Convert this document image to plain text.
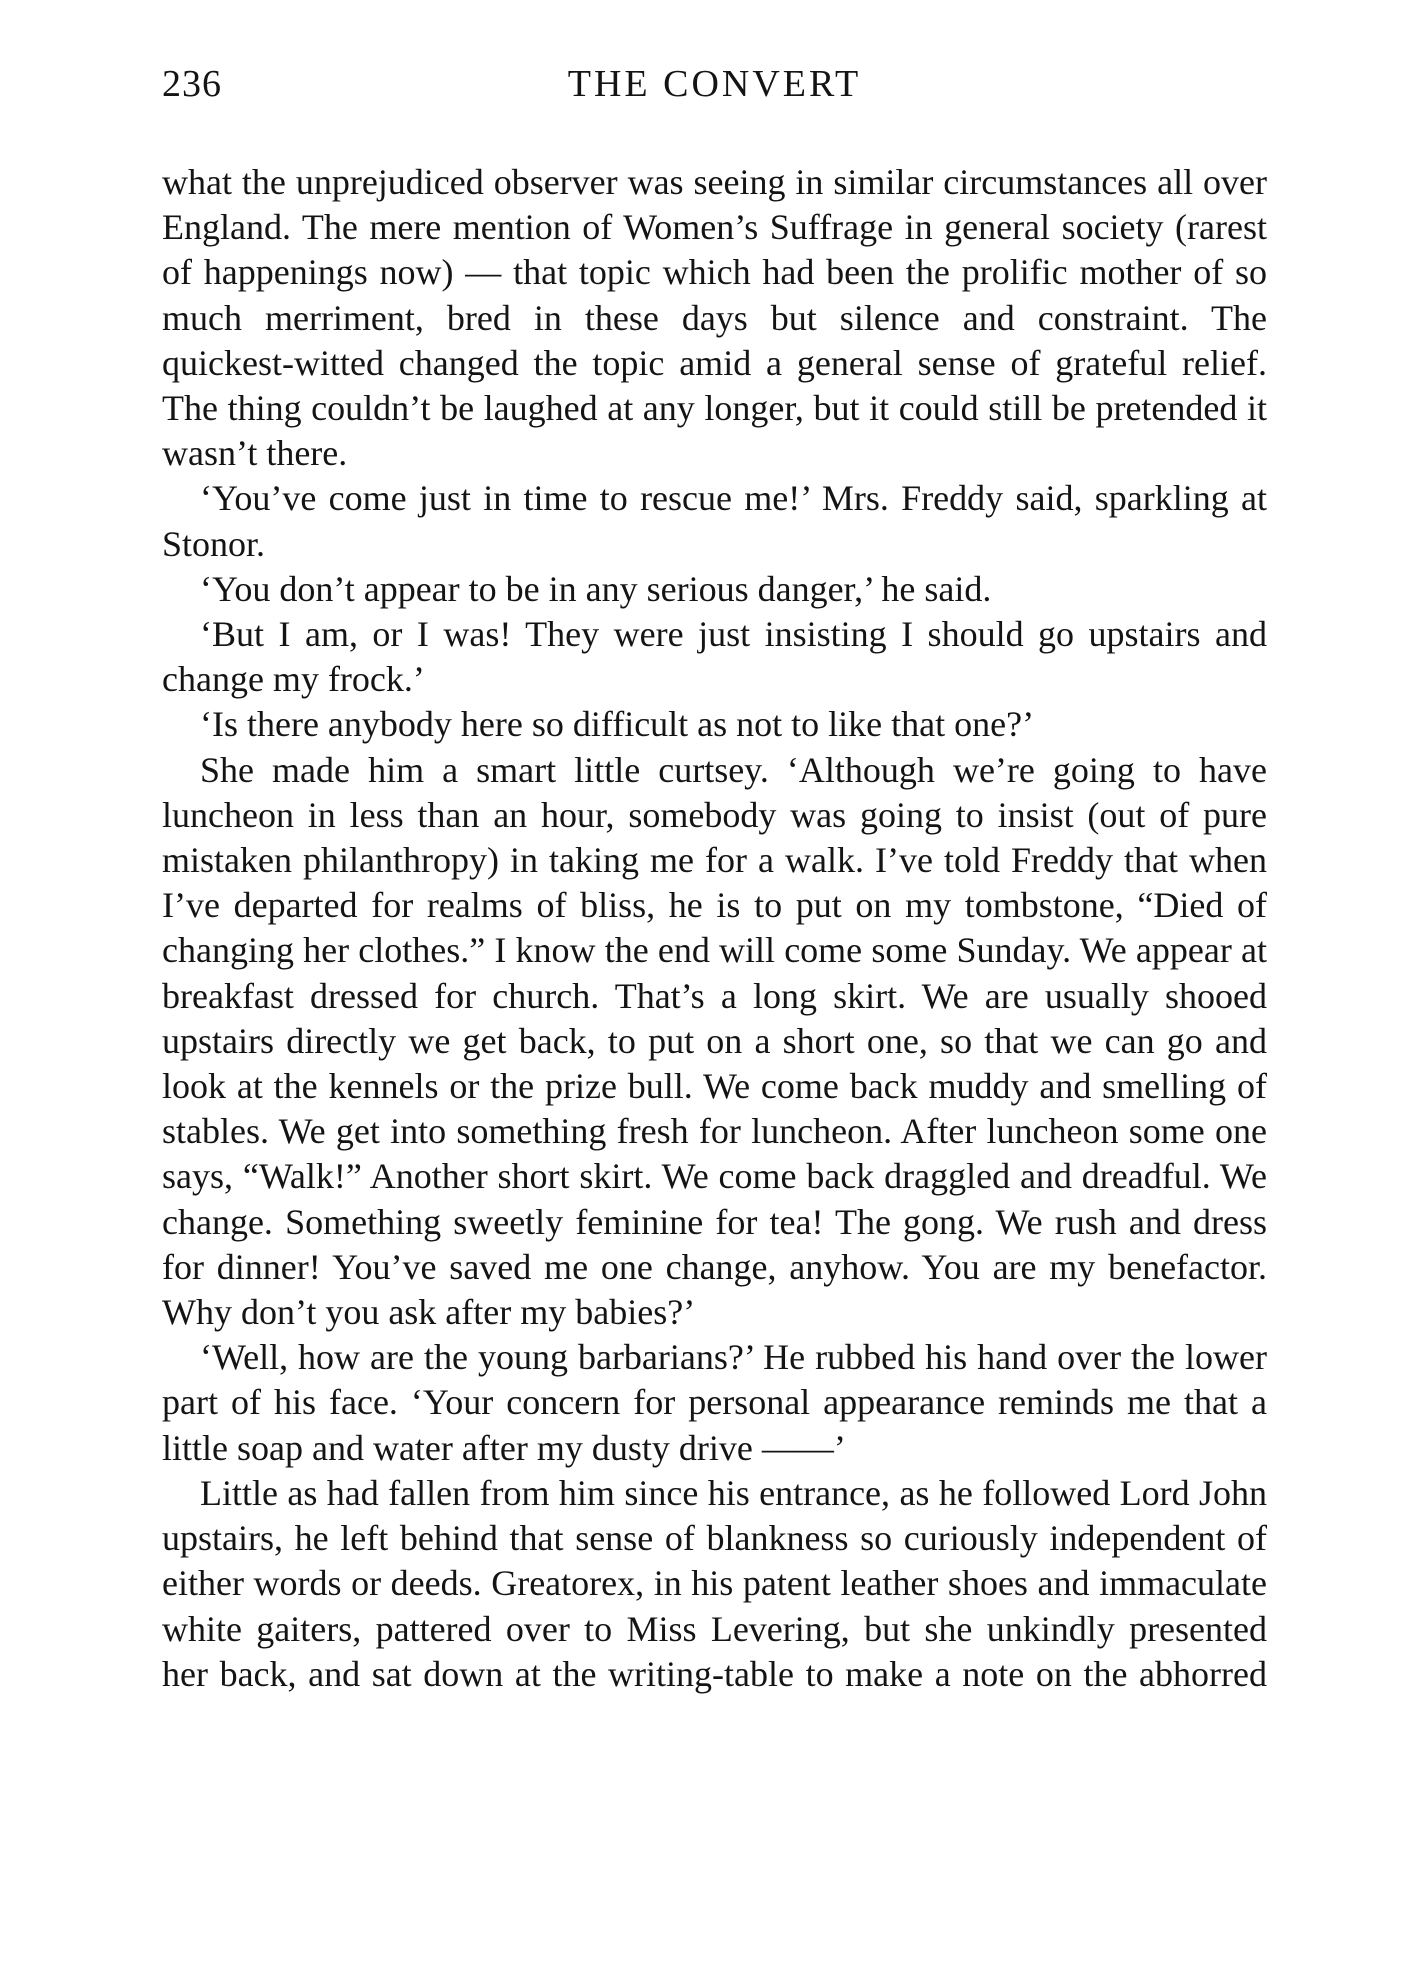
236	THE CONVERT

what the unprejudiced observer was seeing in similar circumstances all over England. The mere mention of Women’s Suffrage in general society (rarest of happenings now) — that topic which had been the prolific mother of so much merriment, bred in these days but silence and constraint. The quickest-witted changed the topic amid a general sense of grateful relief. The thing couldn’t be laughed at any longer, but it could still be pretended it wasn’t there.

‘You’ve come just in time to rescue me!’ Mrs. Freddy said, sparkling at Stonor.

‘You don’t appear to be in any serious danger,’ he said.

‘But I am, or I was! They were just insisting I should go upstairs and change my frock.’

‘Is there anybody here so difficult as not to like that one?’

She made him a smart little curtsey. ‘Although we’re going to have luncheon in less than an hour, somebody was going to insist (out of pure mistaken philanthropy) in taking me for a walk. I’ve told Freddy that when I’ve departed for realms of bliss, he is to put on my tombstone, “Died of changing her clothes.” I know the end will come some Sunday. We appear at breakfast dressed for church. That’s a long skirt. We are usually shooed upstairs directly we get back, to put on a short one, so that we can go and look at the kennels or the prize bull. We come back muddy and smelling of stables. We get into something fresh for luncheon. After luncheon some one says, “Walk!” Another short skirt. We come back draggled and dreadful. We change. Something sweetly feminine for tea! The gong. We rush and dress for dinner! You’ve saved me one change, anyhow. You are my benefactor. Why don’t you ask after my babies?’

‘Well, how are the young barbarians?’ He rubbed his hand over the lower part of his face. ‘Your concern for personal appearance reminds me that a little soap and water after my dusty drive ——’

Little as had fallen from him since his entrance, as he followed Lord John upstairs, he left behind that sense of blankness so curiously independent of either words or deeds. Greatorex, in his patent leather shoes and immaculate white gaiters, pattered over to Miss Levering, but she unkindly presented her back, and sat down at the writing-table to make a note on the abhorred
